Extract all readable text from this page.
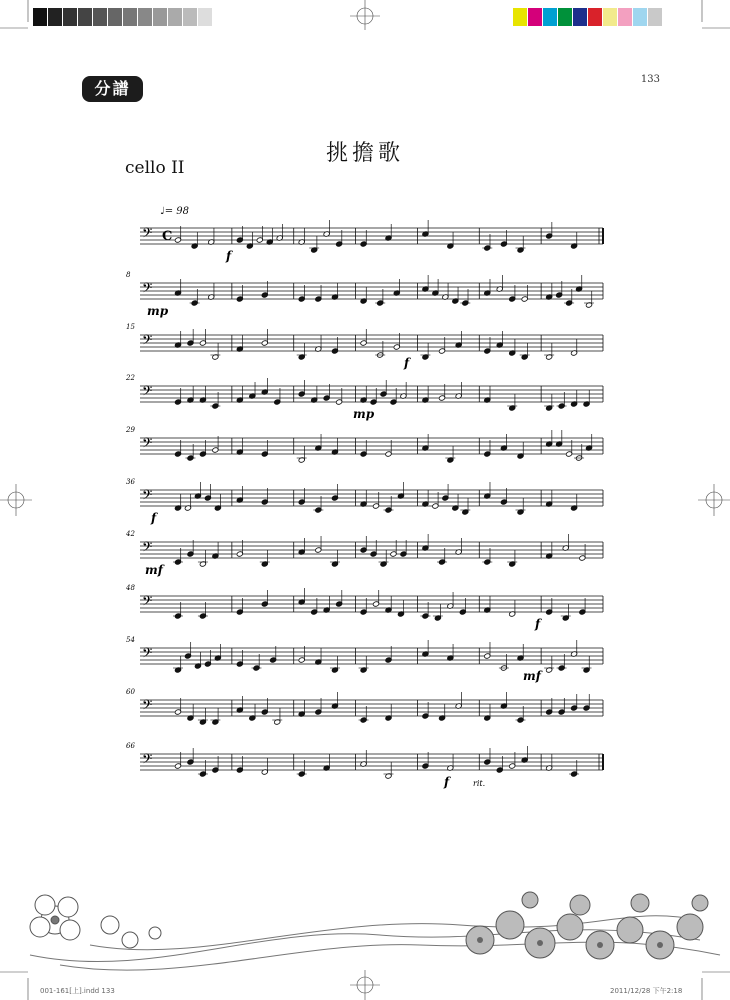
分譜	133
挑擔歌
cello II
♩= 98
𝄢 C
f
𝄢
8
mp
𝄢
15
f
𝄢
22
mp
𝄢
29
𝄢
36
f
𝄢
42
mf
𝄢
48
f
𝄢
54
mf
𝄢
60
𝄢
66
f	rit.
001-161[上].indd 133	2011/12/28 下午2:18
